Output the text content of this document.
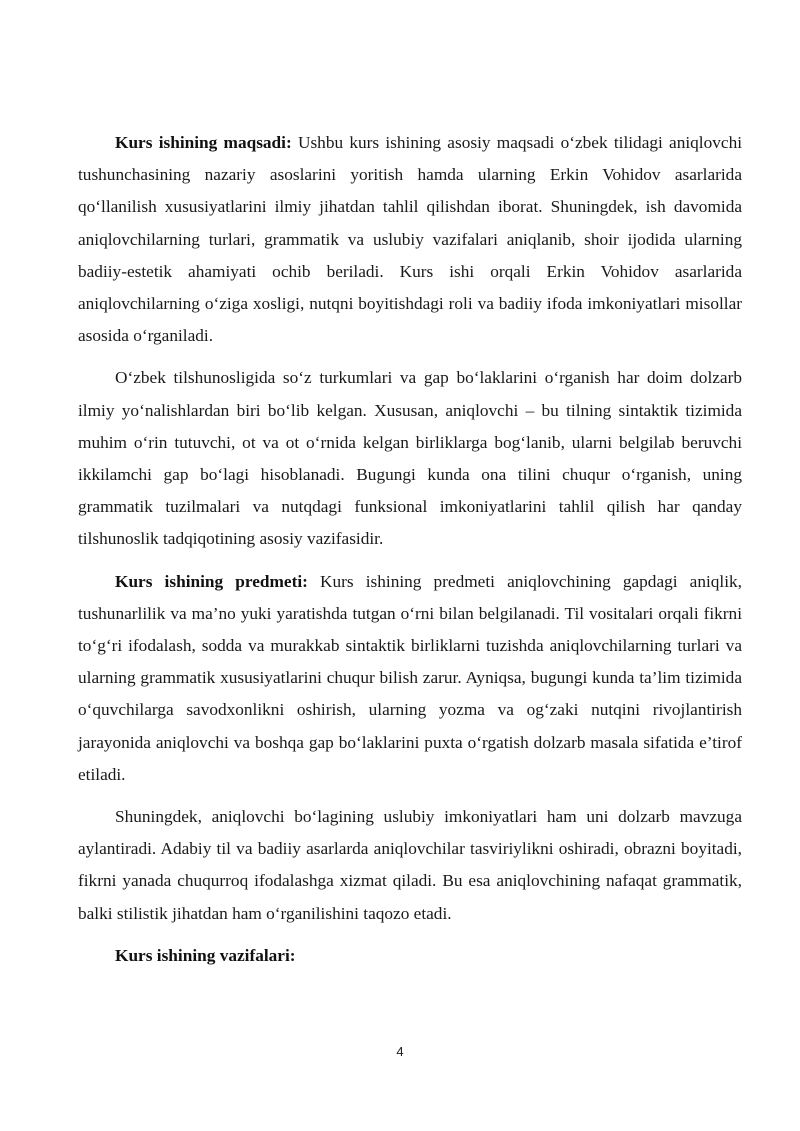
Kurs ishining maqsadi: Ushbu kurs ishining asosiy maqsadi o‘zbek tilidagi aniqlovchi tushunchasining nazariy asoslarini yoritish hamda ularning Erkin Vohidov asarlarida qo‘llanilish xususiyatlarini ilmiy jihatdan tahlil qilishdan iborat. Shuningdek, ish davomida aniqlovchilarning turlari, grammatik va uslubiy vazifalari aniqlanib, shoir ijodida ularning badiiy-estetik ahamiyati ochib beriladi. Kurs ishi orqali Erkin Vohidov asarlarida aniqlovchilarning o‘ziga xosligi, nutqni boyitishdagi roli va badiiy ifoda imkoniyatlari misollar asosida o‘rganiladi.

O‘zbek tilshunosligida so‘z turkumlari va gap bo‘laklarini o‘rganish har doim dolzarb ilmiy yo‘nalishlardan biri bo‘lib kelgan. Xususan, aniqlovchi – bu tilning sintaktik tizimida muhim o‘rin tutuvchi, ot va ot o‘rnida kelgan birliklarga bog‘lanib, ularni belgilab beruvchi ikkilamchi gap bo‘lagi hisoblanadi. Bugungi kunda ona tilini chuqur o‘rganish, uning grammatik tuzilmalari va nutqdagi funksional imkoniyatlarini tahlil qilish har qanday tilshunoslik tadqiqotining asosiy vazifasidir.

Kurs ishining predmeti: Kurs ishining predmeti aniqlovchining gapdagi aniqlik, tushunarlilik va ma’no yuki yaratishda tutgan o‘rni bilan belgilanadi. Til vositalari orqali fikrni to‘g‘ri ifodalash, sodda va murakkab sintaktik birliklarni tuzishda aniqlovchilarning turlari va ularning grammatik xususiyatlarini chuqur bilish zarur. Ayniqsa, bugungi kunda ta’lim tizimida o‘quvchilarga savodxonlikni oshirish, ularning yozma va og‘zaki nutqini rivojlantirish jarayonida aniqlovchi va boshqa gap bo‘laklarini puxta o‘rgatish dolzarb masala sifatida e’tirof etiladi.

Shuningdek, aniqlovchi bo‘lagining uslubiy imkoniyatlari ham uni dolzarb mavzuga aylantiradi. Adabiy til va badiiy asarlarda aniqlovchilar tasviriylikni oshiradi, obrazni boyitadi, fikrni yanada chuqurroq ifodalashga xizmat qiladi. Bu esa aniqlovchining nafaqat grammatik, balki stilistik jihatdan ham o‘rganilishini taqozo etadi.

Kurs ishining vazifalari:

4
